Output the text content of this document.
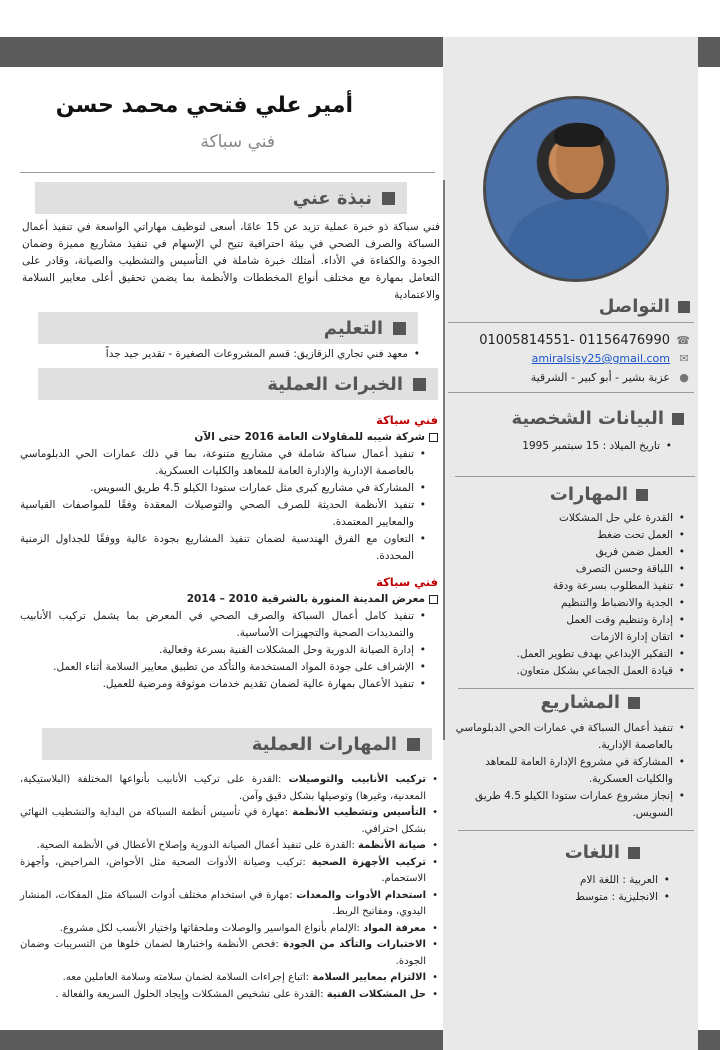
أمير علي فتحي محمد حسن
فني سباكة
نبذة عني
فني سباكة ذو خبرة عملية تزيد عن 15 عامًا، أسعى لتوظيف مهاراتي الواسعة في تنفيذ أعمال السباكة والصرف الصحي في بيئة احترافية تتيح لي الإسهام في تنفيذ مشاريع مميزة وضمان الجودة والكفاءة في الأداء. أمتلك خبرة شاملة في التأسيس والتشطيب والصيانة، وقادر على التعامل بمهارة مع مختلف أنواع المخططات والأنظمة بما يضمن تحقيق أعلى معايير السلامة والاعتمادية
التعليم
• معهد فني تجاري الزقازيق: قسم المشروعات الصغيرة - تقدير جيد جداً
الخبرات العملية
فني سباكة
شركة شيبه للمقاولات العامة 2016 حتى الآن
• تنفيذ أعمال سباكة شاملة في مشاريع متنوعة، بما في ذلك عمارات الحي الدبلوماسي بالعاصمة الإدارية والإدارة العامة للمعاهد والكليات العسكرية.
• المشاركة في مشاريع كبرى مثل عمارات ستودا الكيلو 4.5 طريق السويس.
• تنفيذ الأنظمة الحديثة للصرف الصحي والتوصيلات المعقدة وفقًا للمواصفات القياسية والمعايير المعتمدة.
• التعاون مع الفرق الهندسية لضمان تنفيذ المشاريع بجودة عالية ووفقًا للجداول الزمنية المحددة.
فني سباكة
معرض المدينة المنورة بالشرقية 2010 – 2014
• تنفيذ كامل أعمال السباكة والصرف الصحي في المعرض بما يشمل تركيب الأنابيب والتمديدات الصحية والتجهيزات الأساسية.
• إدارة الصيانة الدورية وحل المشكلات الفنية بسرعة وفعالية.
• الإشراف على جودة المواد المستخدمة والتأكد من تطبيق معايير السلامة أثناء العمل.
• تنفيذ الأعمال بمهارة عالية لضمان تقديم خدمات موثوقة ومرضية للعميل.
المهارات العملية
• تركيب الأنابيب والتوصيلات :القدرة على تركيب الأنابيب بأنواعها المختلفة (البلاستيكية، المعدنية، وغيرها) وتوصيلها بشكل دقيق وآمن.
• التأسيس وتشطيب الأنظمة :مهارة في تأسيس أنظمة السباكة من البداية والتشطيب النهائي بشكل احترافي.
• صيانة الأنظمة :القدرة على تنفيذ أعمال الصيانة الدورية وإصلاح الأعطال في الأنظمة الصحية.
• تركيب الأجهزة الصحية :تركيب وصيانة الأدوات الصحية مثل الأحواض، المراحيض، وأجهزة الاستحمام.
• استخدام الأدوات والمعدات :مهارة في استخدام مختلف أدوات السباكة مثل المفكات، المنشار اليدوي، ومفاتيح الربط.
• معرفة المواد :الإلمام بأنواع المواسير والوصلات وملحقاتها واختيار الأنسب لكل مشروع.
• الاختبارات والتأكد من الجودة :فحص الأنظمة واختبارها لضمان خلوها من التسريبات وضمان الجودة.
• الالتزام بمعايير السلامة :اتباع إجراءات السلامة لضمان سلامته وسلامة العاملين معه.
• حل المشكلات الفنية :القدرة على تشخيص المشكلات وإيجاد الحلول السريعة والفعالة .
التواصل
☎
01005814551- 01156476990
✉
amiralsisy25@gmail.com
●
عزبة بشير - أبو كبير - الشرقية
البيانات الشخصية
• تاريخ الميلاد : 15 سبتمبر 1995
المهارات
• القدرة علي حل المشكلات
• العمل تحت ضغط
• العمل ضمن فريق
• اللباقة وحسن التصرف
• تنفيذ المطلوب بسرعة ودقة
• الجدية والانضباط والتنظيم
• إدارة وتنظيم وقت العمل
• اتقان إدارة الازمات
• التفكير الإبداعي بهدف تطوير العمل.
• قيادة العمل الجماعي بشكل متعاون.
المشاريع
• تنفيذ أعمال السباكة في عمارات الحي الدبلوماسي بالعاصمة الإدارية.
• المشاركة في مشروع الإدارة العامة للمعاهد والكليات العسكرية.
• إنجاز مشروع عمارات ستودا الكيلو 4.5 طريق السويس.
اللغات
• العربية : اللغة الام
• الانجليزية : متوسط
